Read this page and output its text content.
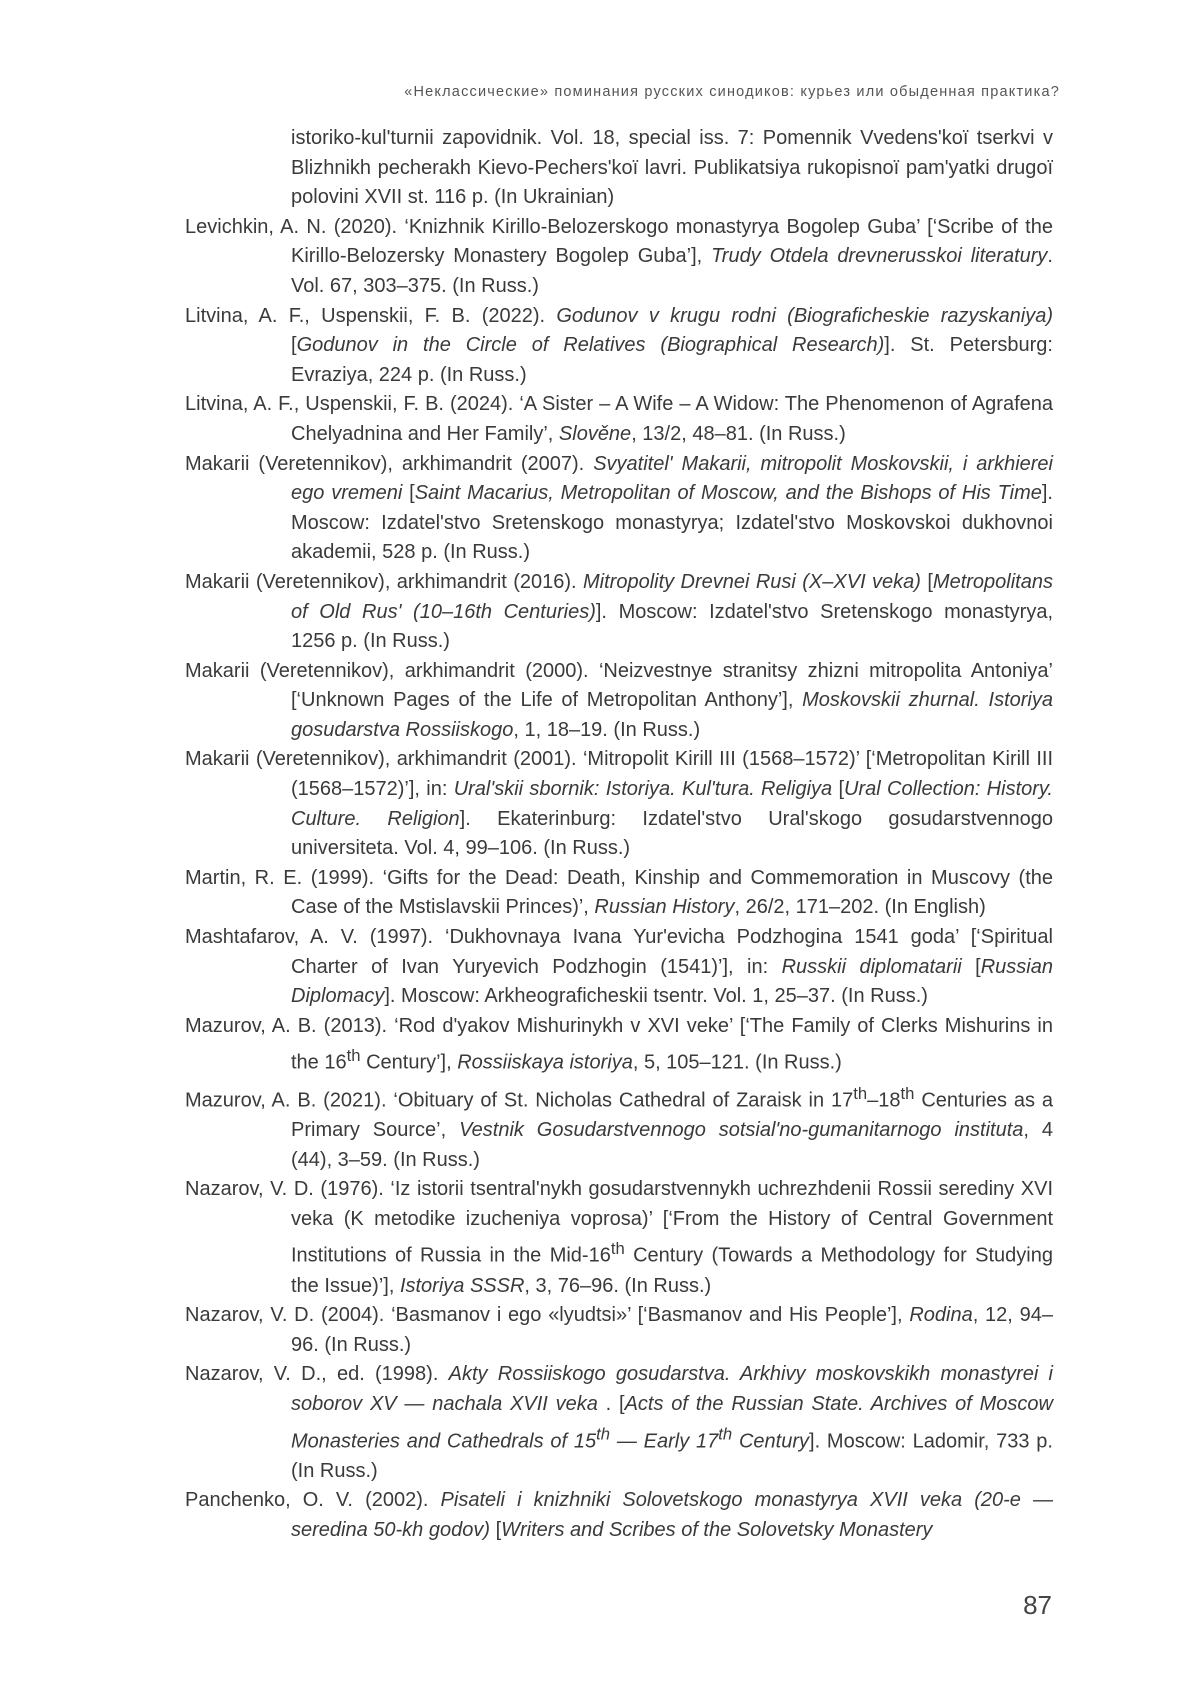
«Неклассические» поминания русских синодиков: курьез или обыденная практика?

istoriko-kul'turnii zapovidnik. Vol. 18, special iss. 7: Pomennik Vvedens'koï tserkvi v Blizhnikh pecherakh Kievo-Pechers'koï lavri. Publikatsiya rukopisnoï pam'yatki drugoï polovini XVII st. 116 p. (In Ukrainian)

Levichkin, A. N. (2020). ‘Knizhnik Kirillo-Belozerskogo monastyrya Bogolep Guba’ [‘Scribe of the Kirillo-Belozersky Monastery Bogolep Guba’], Trudy Otdela drevnerusskoi literatury. Vol. 67, 303–375. (In Russ.)

Litvina, A. F., Uspenskii, F. B. (2022). Godunov v krugu rodni (Biograficheskie razyskaniya) [Godunov in the Circle of Relatives (Biographical Research)]. St. Petersburg: Evraziya, 224 p. (In Russ.)

Litvina, A. F., Uspenskii, F. B. (2024). ‘A Sister – A Wife – A Widow: The Phenomenon of Agrafena Chelyadnina and Her Family’, Slověne, 13/2, 48–81. (In Russ.)

Makarii (Veretennikov), arkhimandrit (2007). Svyatitel' Makarii, mitropolit Moskovskii, i arkhierei ego vremeni [Saint Macarius, Metropolitan of Moscow, and the Bishops of His Time]. Moscow: Izdatel'stvo Sretenskogo monastyrya; Izdatel'stvo Moskovskoi dukhovnoi akademii, 528 p. (In Russ.)

Makarii (Veretennikov), arkhimandrit (2016). Mitropolity Drevnei Rusi (X–XVI veka) [Metropolitans of Old Rus' (10–16th Centuries)]. Moscow: Izdatel'stvo Sretenskogo monastyrya, 1256 p. (In Russ.)

Makarii (Veretennikov), arkhimandrit (2000). ‘Neizvestnye stranitsy zhizni mitropolita Antoniya’ [‘Unknown Pages of the Life of Metropolitan Anthony’], Moskovskii zhurnal. Istoriya gosudarstva Rossiiskogo, 1, 18–19. (In Russ.)

Makarii (Veretennikov), arkhimandrit (2001). ‘Mitropolit Kirill III (1568–1572)’ [‘Metropolitan Kirill III (1568–1572)’], in: Ural'skii sbornik: Istoriya. Kul'tura. Religiya [Ural Collection: History. Culture. Religion]. Ekaterinburg: Izdatel'stvo Ural'skogo gosudarstvennogo universiteta. Vol. 4, 99–106. (In Russ.)

Martin, R. E. (1999). ‘Gifts for the Dead: Death, Kinship and Commemoration in Muscovy (the Case of the Mstislavskii Princes)’, Russian History, 26/2, 171–202. (In English)

Mashtafarov, A. V. (1997). ‘Dukhovnaya Ivana Yur'evicha Podzhogina 1541 goda’ [‘Spiritual Charter of Ivan Yuryevich Podzhogin (1541)’], in: Russkii diplomatarii [Russian Diplomacy]. Moscow: Arkheograficheskii tsentr. Vol. 1, 25–37. (In Russ.)

Mazurov, A. B. (2013). ‘Rod d'yakov Mishurinykh v XVI veke’ [‘The Family of Clerks Mishurins in the 16th Century’], Rossiiskaya istoriya, 5, 105–121. (In Russ.)

Mazurov, A. B. (2021). ‘Obituary of St. Nicholas Cathedral of Zaraisk in 17th–18th Centuries as a Primary Source’, Vestnik Gosudarstvennogo sotsial'no-gumanitarnogo instituta, 4 (44), 3–59. (In Russ.)

Nazarov, V. D. (1976). ‘Iz istorii tsentral'nykh gosudarstvennykh uchrezhdenii Rossii serediny XVI veka (K metodike izucheniya voprosa)’ [‘From the History of Central Government Institutions of Russia in the Mid-16th Century (Towards a Methodology for Studying the Issue)’], Istoriya SSSR, 3, 76–96. (In Russ.)

Nazarov, V. D. (2004). ‘Basmanov i ego «lyudtsi»’ [‘Basmanov and His People’], Rodina, 12, 94–96. (In Russ.)

Nazarov, V. D., ed. (1998). Akty Rossiiskogo gosudarstva. Arkhivy moskovskikh monastyrei i soborov XV — nachala XVII veka . [Acts of the Russian State. Archives of Moscow Monasteries and Cathedrals of 15th — Early 17th Century]. Moscow: Ladomir, 733 p. (In Russ.)

Panchenko, O. V. (2002). Pisateli i knizhniki Solovetskogo monastyrya XVII veka (20-e — seredina 50-kh godov) [Writers and Scribes of the Solovetsky Monastery

87
